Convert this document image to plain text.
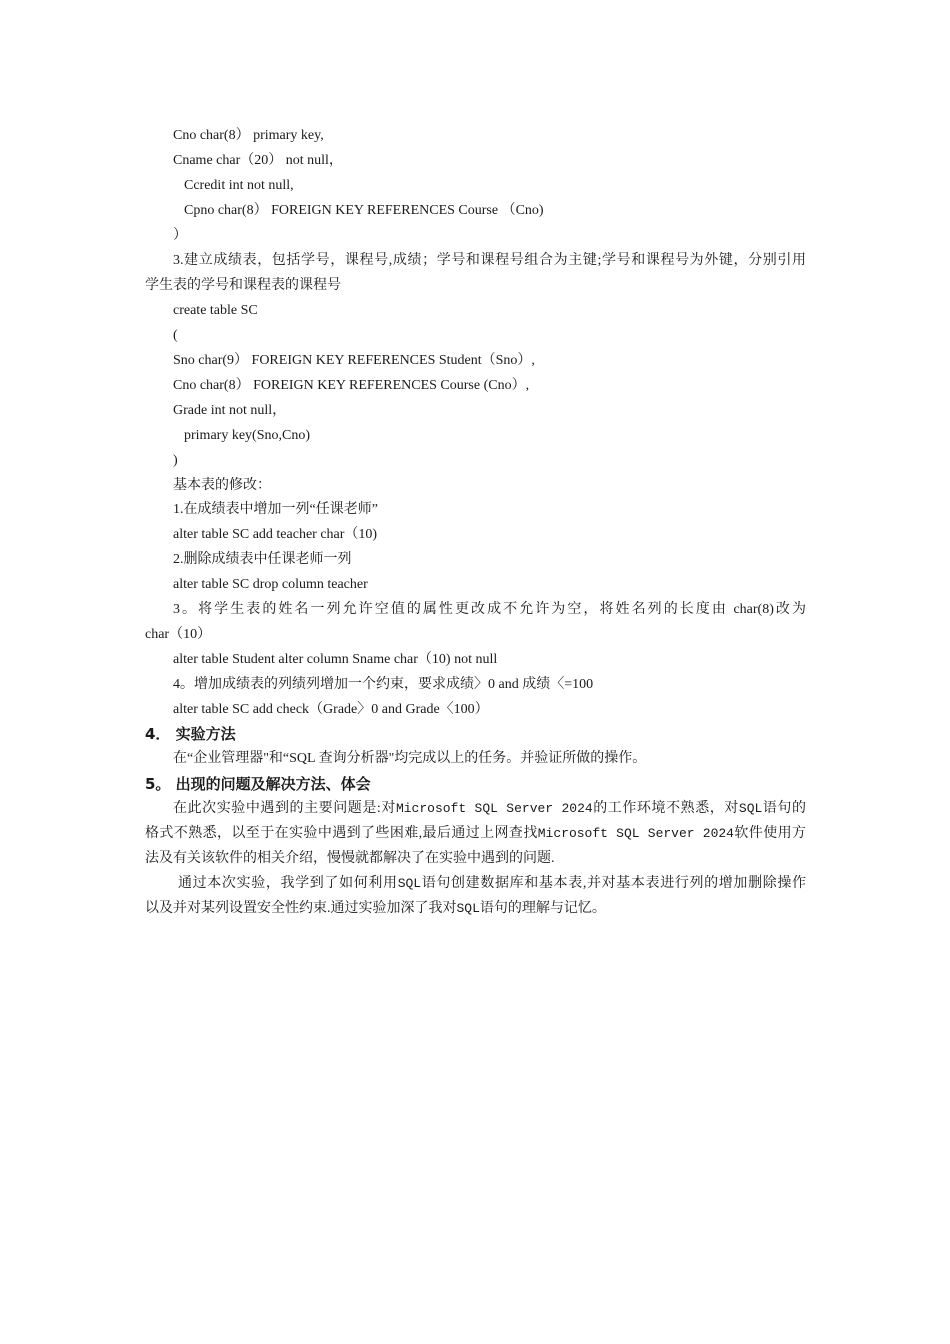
Cno char(8） primary key,
Cname char（20） not null，
Ccredit int not null,
Cpno char(8） FOREIGN KEY REFERENCES Course （Cno)
）
3.建立成绩表，包括学号，课程号,成绩；学号和课程号组合为主键;学号和课程号为外键，分别引用
学生表的学号和课程表的课程号
create table SC
(
Sno char(9） FOREIGN KEY REFERENCES Student（Sno）,
Cno char(8） FOREIGN KEY REFERENCES Course (Cno）,
Grade int not null，
primary key(Sno,Cno)
)
基本表的修改：
1.在成绩表中增加一列“任课老师”
alter table SC add teacher char（10)
2.删除成绩表中任课老师一列
alter table SC drop column teacher
3。将学生表的姓名一列允许空值的属性更改成不允许为空，将姓名列的长度由 char(8)改为
char（10）
alter table Student alter column Sname char（10) not null
4。增加成绩表的列绩列增加一个约束，要求成绩〉0 and 成绩〈=100
alter table SC add check（Grade〉0 and Grade〈100）
4． 实验方法
在“企业管理器"和“SQL 查询分析器"均完成以上的任务。并验证所做的操作。
5。 出现的问题及解决方法、体会
在此次实验中遇到的主要问题是:对Microsoft SQL Server 2024的工作环境不熟悉，对SQL语句的
格式不熟悉，以至于在实验中遇到了些困难,最后通过上网查找Microsoft SQL Server 2024软件使用方
法及有关该软件的相关介绍，慢慢就都解决了在实验中遇到的问题.
通过本次实验，我学到了如何利用SQL语句创建数据库和基本表,并对基本表进行列的增加删除操作
以及并对某列设置安全性约束.通过实验加深了我对SQL语句的理解与记忆。
